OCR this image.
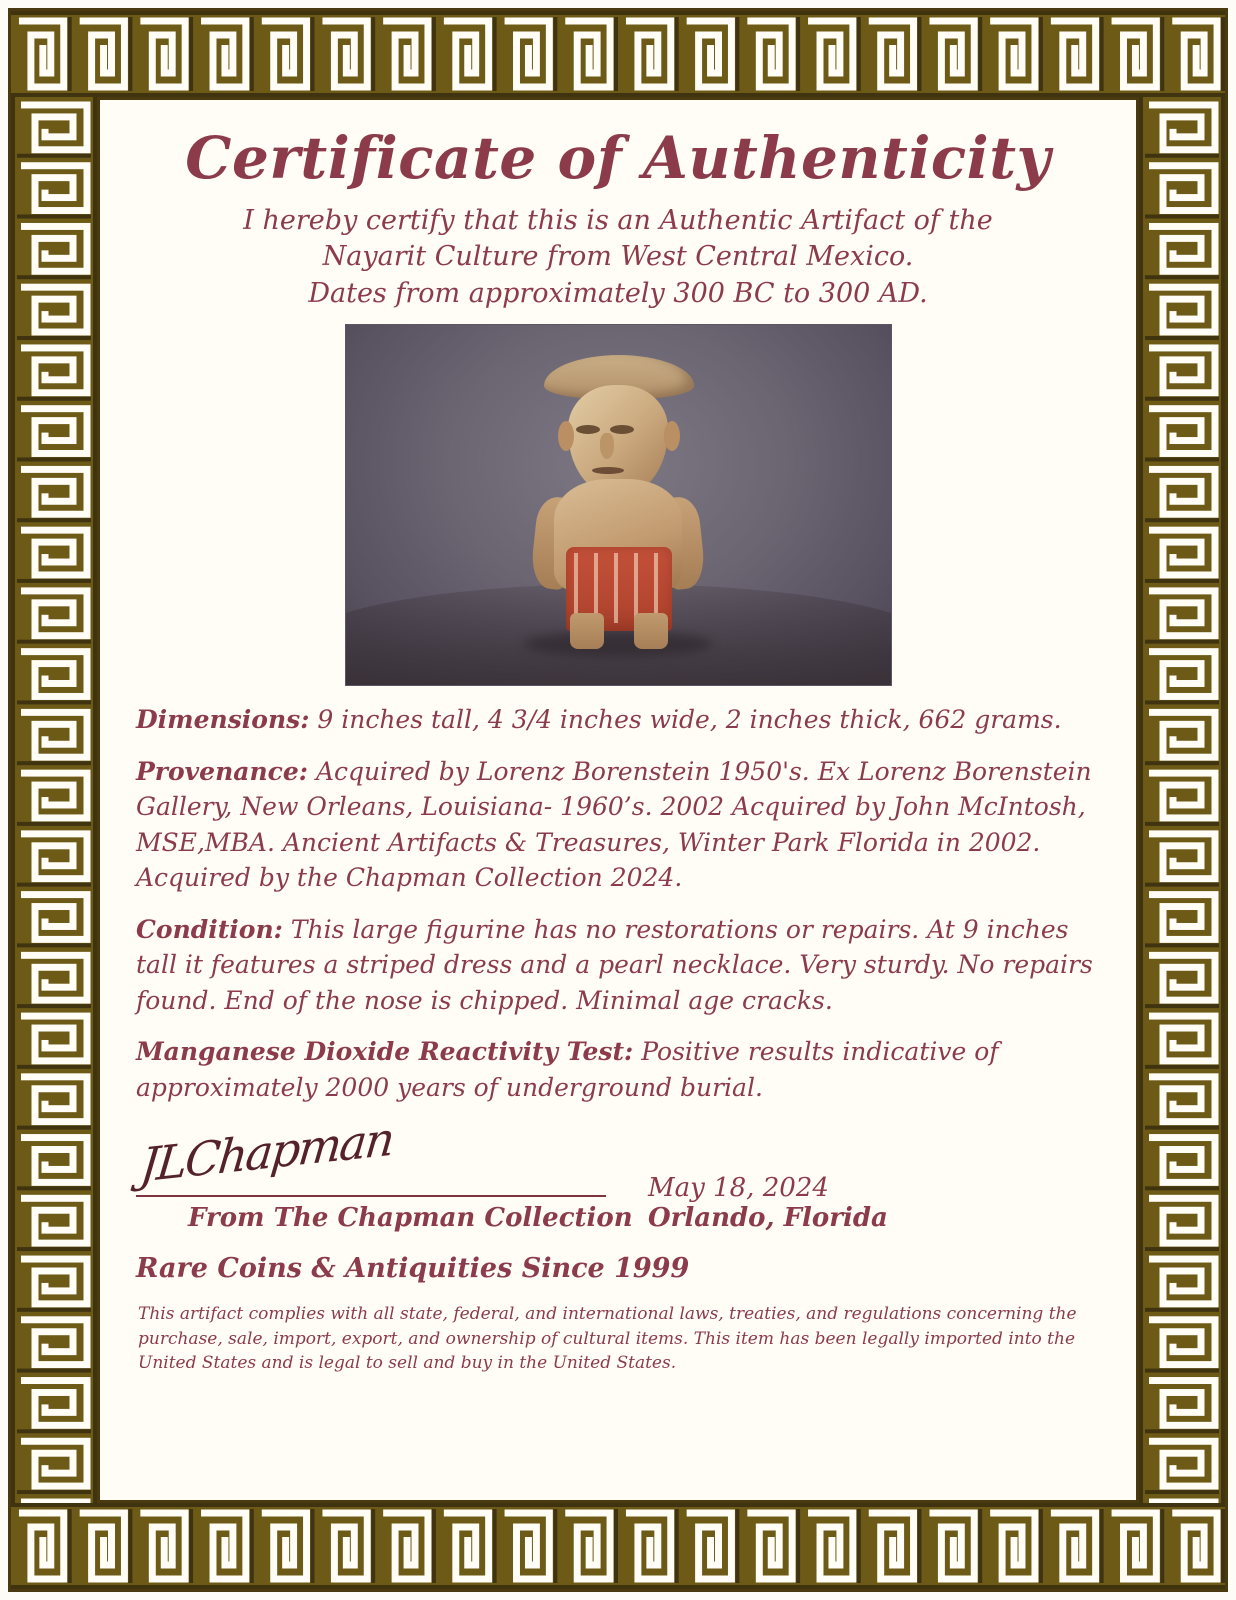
Certificate of Authenticity
I hereby certify that this is an Authentic Artifact of the
Nayarit Culture from West Central Mexico.
Dates from approximately 300 BC to 300 AD.

Dimensions: 9 inches tall, 4 3/4 inches wide, 2 inches thick, 662 grams.

Provenance: Acquired by Lorenz Borenstein 1950's. Ex Lorenz Borenstein Gallery, New Orleans, Louisiana- 1960’s. 2002 Acquired by John McIntosh, MSE,MBA. Ancient Artifacts & Treasures, Winter Park Florida in 2002. Acquired by the Chapman Collection 2024.

Condition: This large figurine has no restorations or repairs. At 9 inches tall it features a striped dress and a pearl necklace. Very sturdy. No repairs found. End of the nose is chipped. Minimal age cracks.

Manganese Dioxide Reactivity Test: Positive results indicative of approximately 2000 years of underground burial.

JLChapman
From The Chapman Collection
May 18, 2024
Orlando, Florida
Rare Coins & Antiquities Since 1999
This artifact complies with all state, federal, and international laws, treaties, and regulations concerning the purchase, sale, import, export, and ownership of cultural items. This item has been legally imported into the United States and is legal to sell and buy in the United States.
